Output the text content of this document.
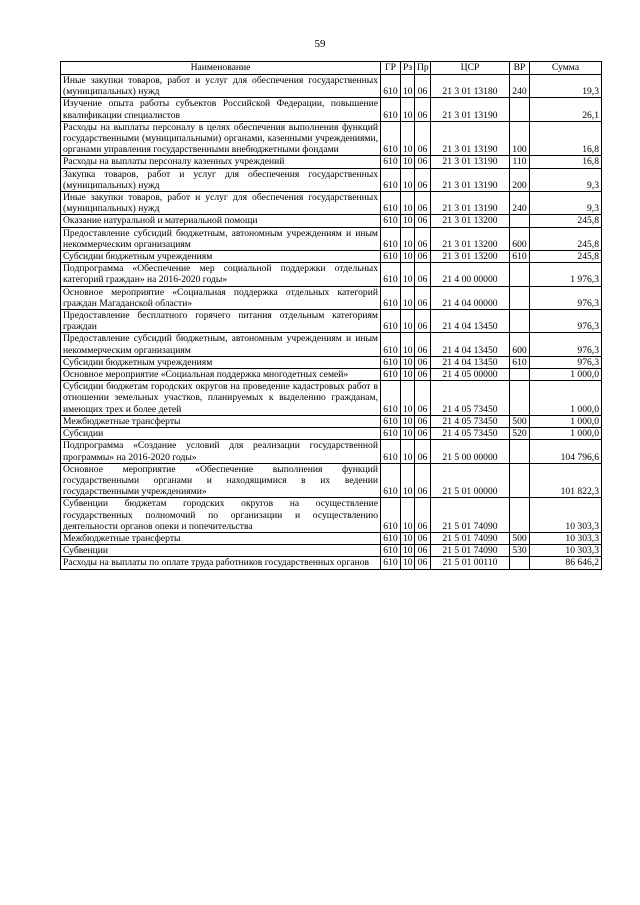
59
Наименование	ГР	Рз	Пр	ЦСР	ВР	Сумма
Иные закупки товаров, работ и услуг для обеспечения государственных (муниципальных) нужд	610	10	06	21 3 01 13180	240	19,3
Изучение опыта работы субъектов Российской Федерации, повышение квалификации специалистов	610	10	06	21 3 01 13190		26,1
Расходы на выплаты персоналу в целях обеспечения выполнения функций государственными (муниципальными) органами, казенными учреждениями, органами управления государственными внебюджетными фондами	610	10	06	21 3 01 13190	100	16,8
Расходы на выплаты персоналу казенных учреждений	610	10	06	21 3 01 13190	110	16,8
Закупка товаров, работ и услуг для обеспечения государственных (муниципальных) нужд	610	10	06	21 3 01 13190	200	9,3
Иные закупки товаров, работ и услуг для обеспечения государственных (муниципальных) нужд	610	10	06	21 3 01 13190	240	9,3
Оказание натуральной и материальной помощи	610	10	06	21 3 01 13200		245,8
Предоставление субсидий бюджетным, автономным учреждениям и иным некоммерческим организациям	610	10	06	21 3 01 13200	600	245,8
Субсидии бюджетным учреждениям	610	10	06	21 3 01 13200	610	245,8
Подпрограмма «Обеспечение мер социальной поддержки отдельных категорий граждан» на 2016-2020 годы»	610	10	06	21 4 00 00000		1 976,3
Основное мероприятие «Социальная поддержка отдельных категорий граждан Магаданской области»	610	10	06	21 4 04 00000		976,3
Предоставление бесплатного горячего питания отдельным категориям граждан	610	10	06	21 4 04 13450		976,3
Предоставление субсидий бюджетным, автономным учреждениям и иным некоммерческим организациям	610	10	06	21 4 04 13450	600	976,3
Субсидии бюджетным учреждениям	610	10	06	21 4 04 13450	610	976,3
Основное мероприятие «Социальная поддержка многодетных семей»	610	10	06	21 4 05 00000		1 000,0
Субсидии бюджетам городских округов на проведение кадастровых работ в отношении земельных участков, планируемых к выделению гражданам, имеющих трех и более детей	610	10	06	21 4 05 73450		1 000,0
Межбюджетные трансферты	610	10	06	21 4 05 73450	500	1 000,0
Субсидии	610	10	06	21 4 05 73450	520	1 000,0
Подпрограмма «Создание условий для реализации государственной программы» на 2016-2020 годы»	610	10	06	21 5 00 00000		104 796,6
Основное мероприятие «Обеспечение выполнения функций государственными органами и находящимися в их ведении государственными учреждениями»	610	10	06	21 5 01 00000		101 822,3
Субвенции бюджетам городских округов на осуществление государственных полномочий по организации и осуществлению деятельности органов опеки и попечительства	610	10	06	21 5 01 74090		10 303,3
Межбюджетные трансферты	610	10	06	21 5 01 74090	500	10 303,3
Субвенции	610	10	06	21 5 01 74090	530	10 303,3
Расходы на выплаты по оплате труда работников государственных органов	610	10	06	21 5 01 00110		86 646,2
